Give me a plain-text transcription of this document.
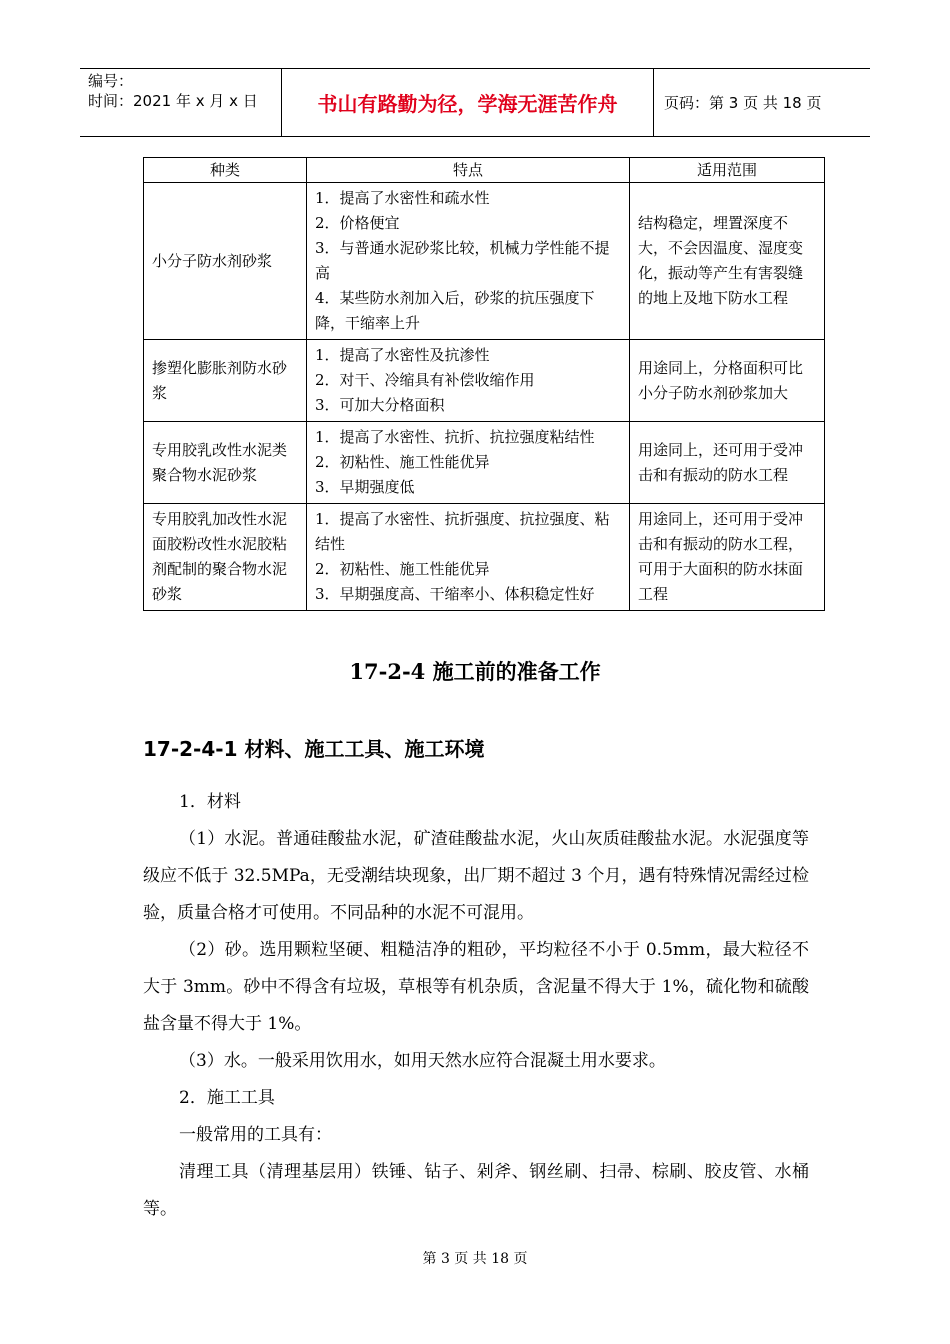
编号：
时间：2021 年 x 月 x 日	书山有路勤为径，学海无涯苦作舟	页码：第 3 页 共 18 页
种类	特点	适用范围
小分子防水剂砂浆	1．提高了水密性和疏水性
2．价格便宜
3．与普通水泥砂浆比较，机械力学性能不提高
4．某些防水剂加入后，砂浆的抗压强度下降，干缩率上升	结构稳定，埋置深度不大，不会因温度、湿度变化，振动等产生有害裂缝的地上及地下防水工程
掺塑化膨胀剂防水砂浆	1．提高了水密性及抗渗性
2．对干、冷缩具有补偿收缩作用
3．可加大分格面积	用途同上，分格面积可比小分子防水剂砂浆加大
专用胶乳改性水泥类聚合物水泥砂浆	1．提高了水密性、抗折、抗拉强度粘结性
2．初粘性、施工性能优异
3．早期强度低	用途同上，还可用于受冲击和有振动的防水工程
专用胶乳加改性水泥面胶粉改性水泥胶粘剂配制的聚合物水泥砂浆	1．提高了水密性、抗折强度、抗拉强度、粘结性
2．初粘性、施工性能优异
3．早期强度高、干缩率小、体积稳定性好	用途同上，还可用于受冲击和有振动的防水工程，可用于大面积的防水抹面工程
17-2-4 施工前的准备工作
17-2-4-1 材料、施工工具、施工环境

1．材料

（1）水泥。普通硅酸盐水泥，矿渣硅酸盐水泥，火山灰质硅酸盐水泥。水泥强度等级应不低于 32.5MPa，无受潮结块现象，出厂期不超过 3 个月，遇有特殊情况需经过检验，质量合格才可使用。不同品种的水泥不可混用。

（2）砂。选用颗粒坚硬、粗糙洁净的粗砂，平均粒径不小于 0.5mm，最大粒径不大于 3mm。砂中不得含有垃圾，草根等有机杂质，含泥量不得大于 1%，硫化物和硫酸盐含量不得大于 1%。

（3）水。一般采用饮用水，如用天然水应符合混凝土用水要求。

2．施工工具

一般常用的工具有：

清理工具（清理基层用）铁锤、钻子、剁斧、钢丝刷、扫帚、棕刷、胶皮管、水桶等。

第 3 页 共 18 页
